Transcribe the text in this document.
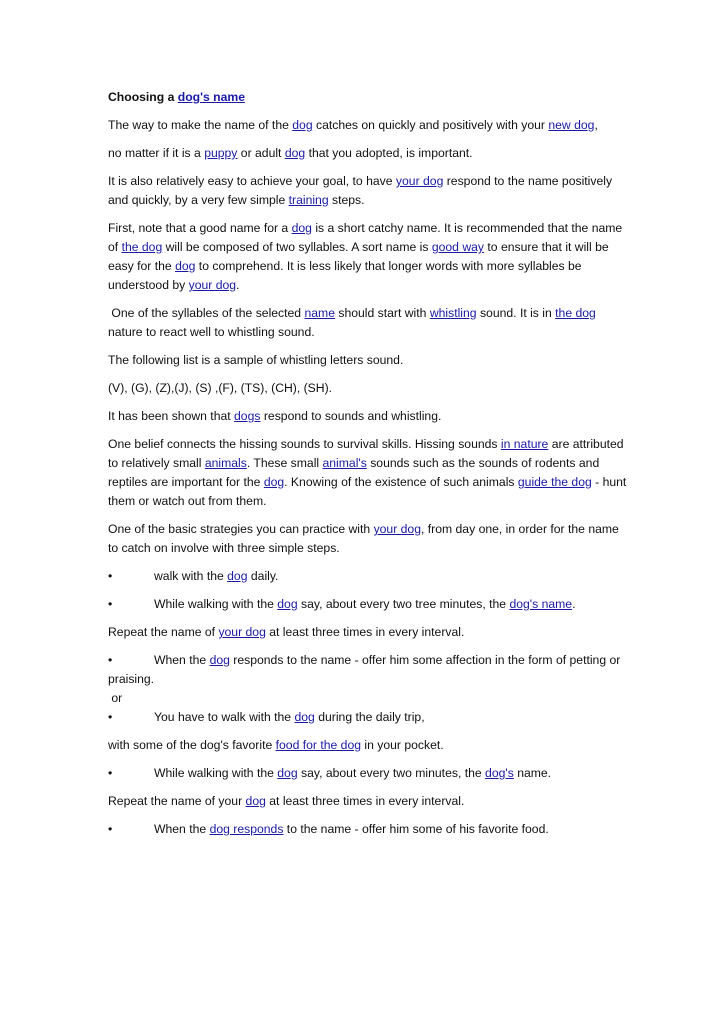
Choosing a dog's name

The way to make the name of the dog catches on quickly and positively with your new dog,

no matter if it is a puppy or adult dog that you adopted, is important.

It is also relatively easy to achieve your goal, to have your dog respond to the name positively and quickly, by a very few simple training steps.

First, note that a good name for a dog is a short catchy name. It is recommended that the name of the dog will be composed of two syllables. A sort name is good way to ensure that it will be easy for the dog to comprehend. It is less likely that longer words with more syllables be understood by your dog.

One of the syllables of the selected name should start with whistling sound. It is in the dog nature to react well to whistling sound.

The following list is a sample of whistling letters sound.

(V), (G), (Z),(J), (S) ,(F), (TS), (CH), (SH).

It has been shown that dogs respond to sounds and whistling.

One belief connects the hissing sounds to survival skills. Hissing sounds in nature are attributed to relatively small animals. These small animal's sounds such as the sounds of rodents and reptiles are important for the dog. Knowing of the existence of such animals guide the dog - hunt them or watch out from them.

One of the basic strategies you can practice with your dog, from day one, in order for the name to catch on involve with three simple steps.

•	walk with the dog daily.

•	While walking with the dog say, about every two tree minutes, the dog's name.

Repeat the name of your dog at least three times in every interval.

•	When the dog responds to the name - offer him some affection in the form of petting or praising.

or

•	You have to walk with the dog during the daily trip,

with some of the dog's favorite food for the dog in your pocket.

•	While walking with the dog say, about every two minutes, the dog's name.

Repeat the name of your dog at least three times in every interval.

•	When the dog responds to the name - offer him some of his favorite food.
